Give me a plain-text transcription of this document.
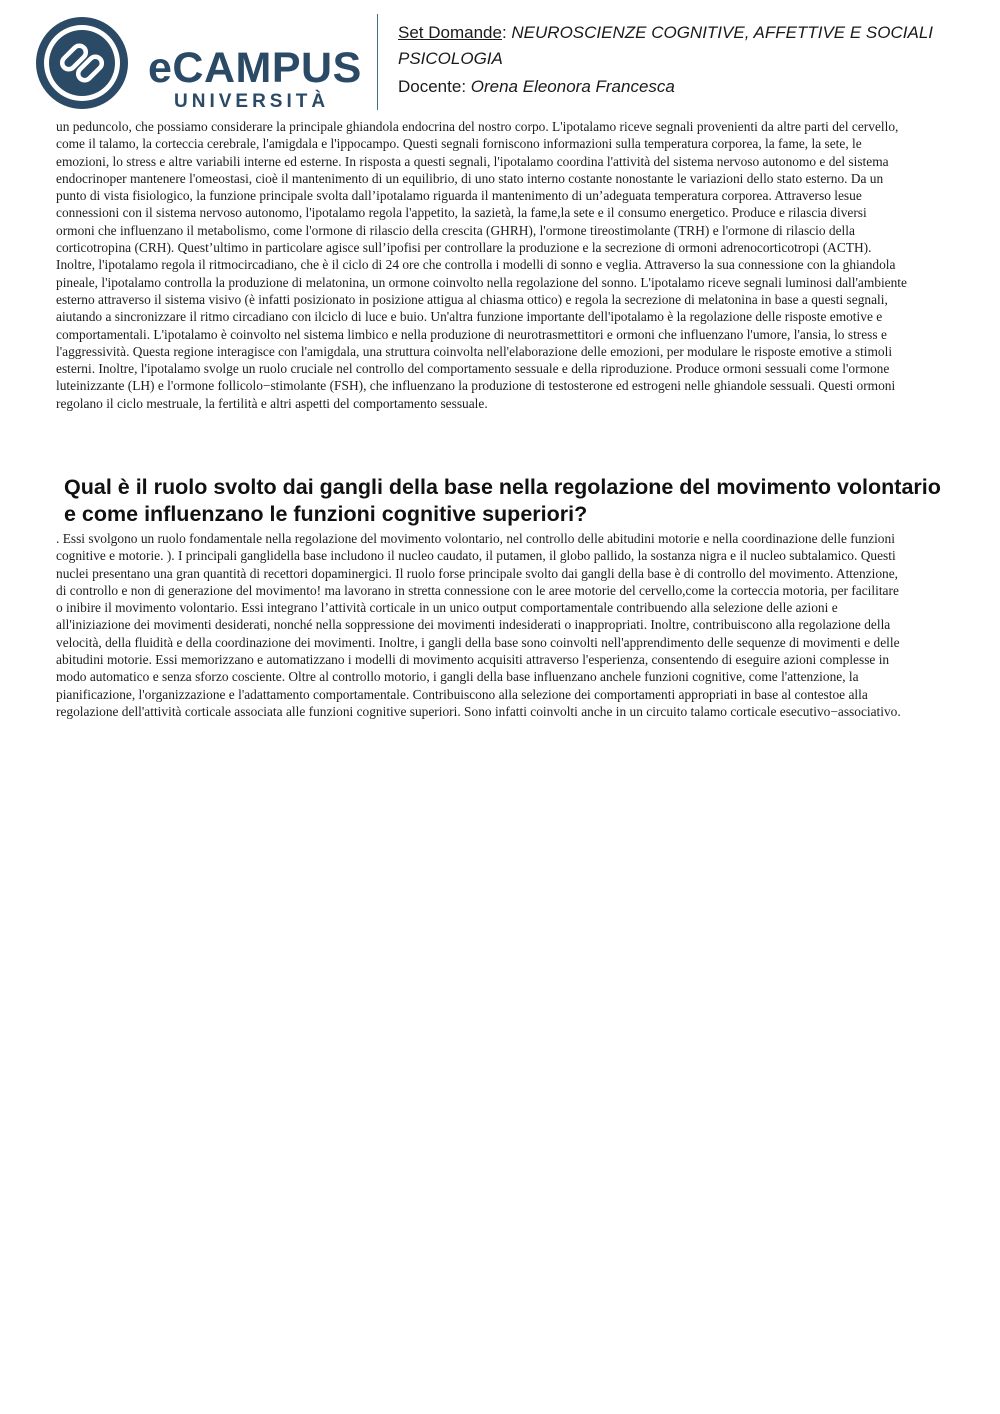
eCAMPUS
UNIVERSITÀ
Set Domande: NEUROSCIENZE COGNITIVE, AFFETTIVE E SOCIALI
PSICOLOGIA
Docente: Orena Eleonora Francesca

un peduncolo, che possiamo considerare la principale ghiandola endocrina del nostro corpo. L'ipotalamo riceve segnali provenienti da altre parti del cervello, come il talamo, la corteccia cerebrale, l'amigdala e l'ippocampo. Questi segnali forniscono informazioni sulla temperatura corporea, la fame, la sete, le emozioni, lo stress e altre variabili interne ed esterne. In risposta a questi segnali, l'ipotalamo coordina l'attività del sistema nervoso autonomo e del sistema endocrinoper mantenere l'omeostasi, cioè il mantenimento di un equilibrio, di uno stato interno costante nonostante le variazioni dello stato esterno. Da un punto di vista fisiologico, la funzione principale svolta dall’ipotalamo riguarda il mantenimento di un’adeguata temperatura corporea. Attraverso lesue connessioni con il sistema nervoso autonomo, l'ipotalamo regola l'appetito, la sazietà, la fame,la sete e il consumo energetico. Produce e rilascia diversi ormoni che influenzano il metabolismo, come l'ormone di rilascio della crescita (GHRH), l'ormone tireostimolante (TRH) e l'ormone di rilascio della corticotropina (CRH). Quest’ultimo in particolare agisce sull’ipofisi per controllare la produzione e la secrezione di ormoni adrenocorticotropi (ACTH). Inoltre, l'ipotalamo regola il ritmocircadiano, che è il ciclo di 24 ore che controlla i modelli di sonno e veglia. Attraverso la sua connessione con la ghiandola pineale, l'ipotalamo controlla la produzione di melatonina, un ormone coinvolto nella regolazione del sonno. L'ipotalamo riceve segnali luminosi dall'ambiente esterno attraverso il sistema visivo (è infatti posizionato in posizione attigua al chiasma ottico) e regola la secrezione di melatonina in base a questi segnali, aiutando a sincronizzare il ritmo circadiano con ilciclo di luce e buio. Un'altra funzione importante dell'ipotalamo è la regolazione delle risposte emotive e comportamentali. L'ipotalamo è coinvolto nel sistema limbico e nella produzione di neurotrasmettitori e ormoni che influenzano l'umore, l'ansia, lo stress e l'aggressività. Questa regione interagisce con l'amigdala, una struttura coinvolta nell'elaborazione delle emozioni, per modulare le risposte emotive a stimoli esterni. Inoltre, l'ipotalamo svolge un ruolo cruciale nel controllo del comportamento sessuale e della riproduzione. Produce ormoni sessuali come l'ormone luteinizzante (LH) e l'ormone follicolo−stimolante (FSH), che influenzano la produzione di testosterone ed estrogeni nelle ghiandole sessuali. Questi ormoni regolano il ciclo mestruale, la fertilità e altri aspetti del comportamento sessuale.

Qual è il ruolo svolto dai gangli della base nella regolazione del movimento volontario e come influenzano le funzioni cognitive superiori?

. Essi svolgono un ruolo fondamentale nella regolazione del movimento volontario, nel controllo delle abitudini motorie e nella coordinazione delle funzioni cognitive e motorie. ). I principali ganglidella base includono il nucleo caudato, il putamen, il globo pallido, la sostanza nigra e il nucleo subtalamico. Questi nuclei presentano una gran quantità di recettori dopaminergici. Il ruolo forse principale svolto dai gangli della base è di controllo del movimento. Attenzione, di controllo e non di generazione del movimento! ma lavorano in stretta connessione con le aree motorie del cervello,come la corteccia motoria, per facilitare o inibire il movimento volontario. Essi integrano l’attività corticale in un unico output comportamentale contribuendo alla selezione delle azioni e all'iniziazione dei movimenti desiderati, nonché nella soppressione dei movimenti indesiderati o inappropriati. Inoltre, contribuiscono alla regolazione della velocità, della fluidità e della coordinazione dei movimenti. Inoltre, i gangli della base sono coinvolti nell'apprendimento delle sequenze di movimenti e delle abitudini motorie. Essi memorizzano e automatizzano i modelli di movimento acquisiti attraverso l'esperienza, consentendo di eseguire azioni complesse in modo automatico e senza sforzo cosciente. Oltre al controllo motorio, i gangli della base influenzano anchele funzioni cognitive, come l'attenzione, la pianificazione, l'organizzazione e l'adattamento comportamentale. Contribuiscono alla selezione dei comportamenti appropriati in base al contestoe alla regolazione dell'attività corticale associata alle funzioni cognitive superiori. Sono infatti coinvolti anche in un circuito talamo corticale esecutivo−associativo.
